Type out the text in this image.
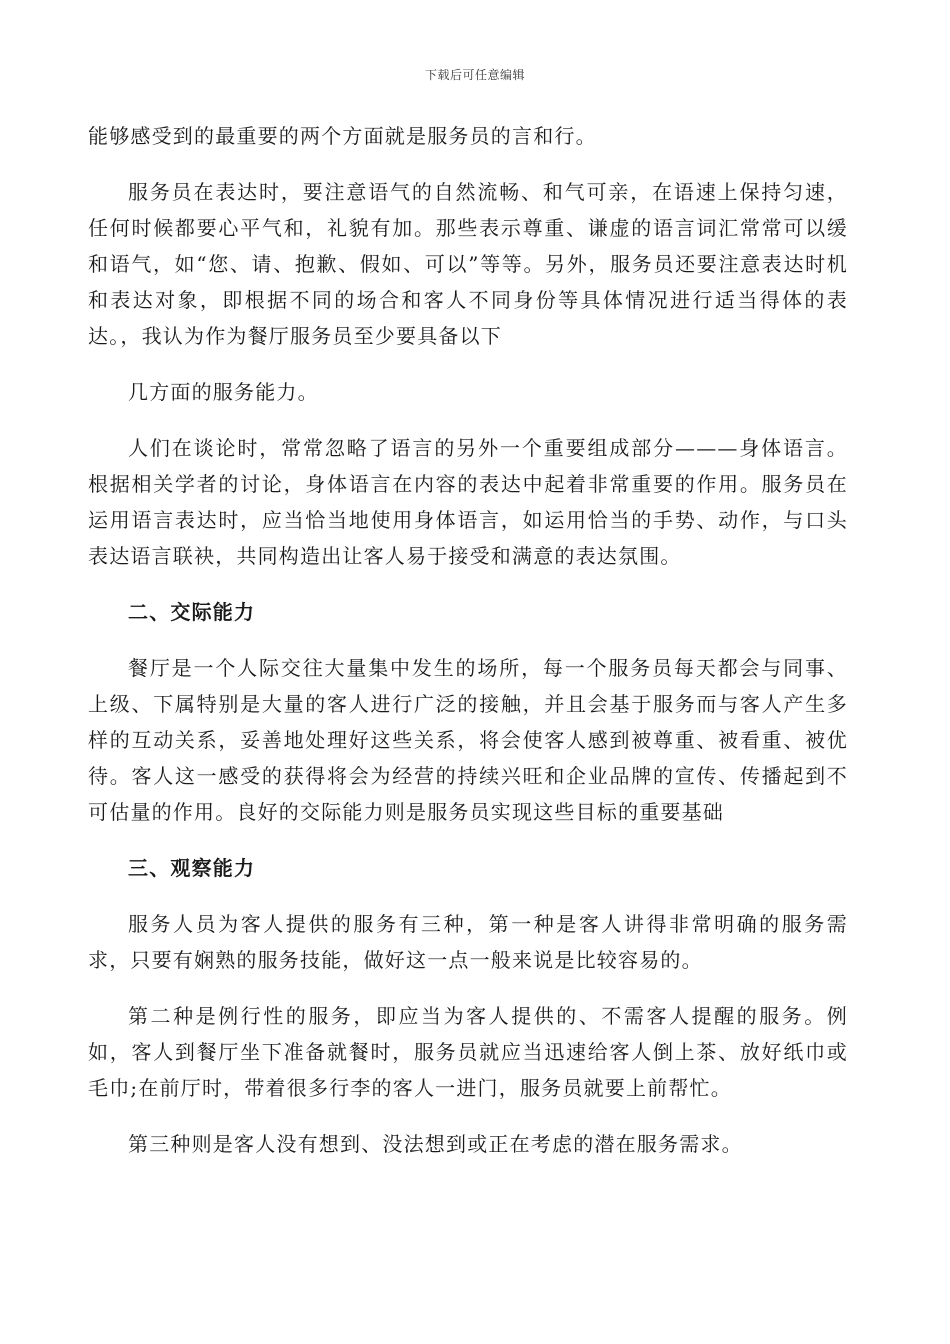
下载后可任意编辑

能够感受到的最重要的两个方面就是服务员的言和行。

服务员在表达时，要注意语气的自然流畅、和气可亲，在语速上保持匀速，任何时候都要心平气和，礼貌有加。那些表示尊重、谦虚的语言词汇常常可以缓和语气，如“您、请、抱歉、假如、可以”等等。另外，服务员还要注意表达时机和表达对象，即根据不同的场合和客人不同身份等具体情况进行适当得体的表达。，我认为作为餐厅服务员至少要具备以下

几方面的服务能力。

人们在谈论时，常常忽略了语言的另外一个重要组成部分———身体语言。根据相关学者的讨论，身体语言在内容的表达中起着非常重要的作用。服务员在运用语言表达时，应当恰当地使用身体语言，如运用恰当的手势、动作，与口头表达语言联袂，共同构造出让客人易于接受和满意的表达氛围。

二、交际能力

餐厅是一个人际交往大量集中发生的场所，每一个服务员每天都会与同事、上级、下属特别是大量的客人进行广泛的接触，并且会基于服务而与客人产生多样的互动关系，妥善地处理好这些关系，将会使客人感到被尊重、被看重、被优待。客人这一感受的获得将会为经营的持续兴旺和企业品牌的宣传、传播起到不可估量的作用。良好的交际能力则是服务员实现这些目标的重要基础

三、观察能力

服务人员为客人提供的服务有三种，第一种是客人讲得非常明确的服务需求，只要有娴熟的服务技能，做好这一点一般来说是比较容易的。

第二种是例行性的服务，即应当为客人提供的、不需客人提醒的服务。例如，客人到餐厅坐下准备就餐时，服务员就应当迅速给客人倒上茶、放好纸巾或毛巾;在前厅时，带着很多行李的客人一进门，服务员就要上前帮忙。

第三种则是客人没有想到、没法想到或正在考虑的潜在服务需求。
